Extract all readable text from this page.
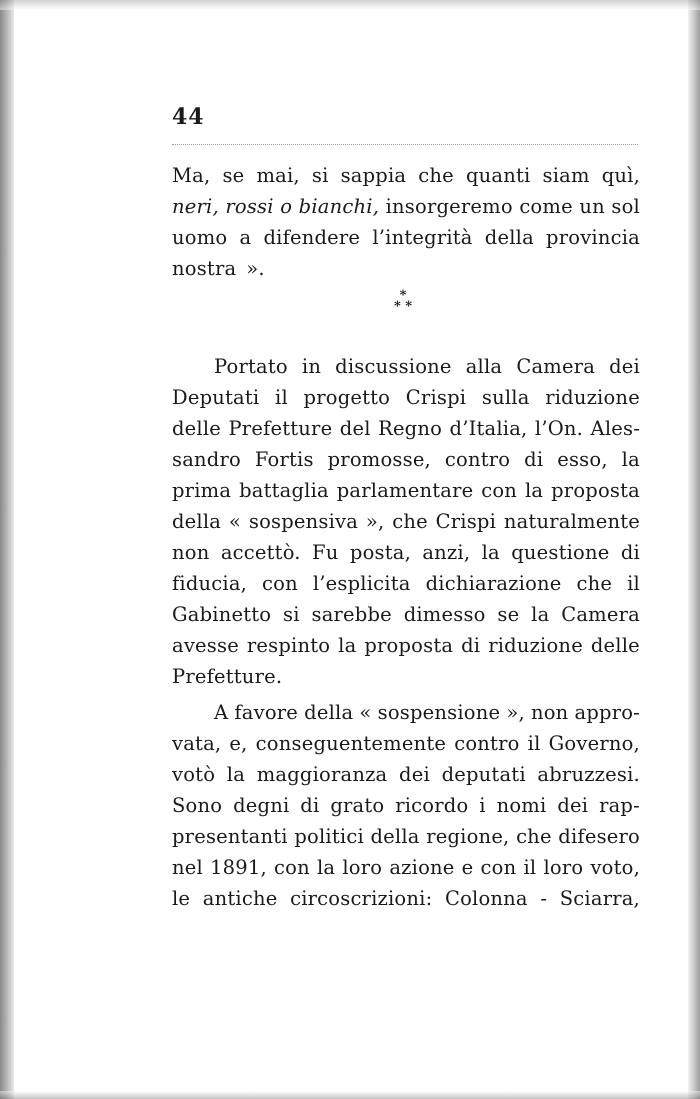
44
Ma, se mai, si sappia che quanti siam quì,
neri, rossi o bianchi, insorgeremo come un sol
uomo a difendere l’integrità della provincia
nostra ».
*
* *
Portato in discussione alla Camera dei
Deputati il progetto Crispi sulla riduzione
delle Prefetture del Regno d’Italia, l’On. Ales-
sandro Fortis promosse, contro di esso, la
prima battaglia parlamentare con la proposta
della « sospensiva », che Crispi naturalmente
non accettò. Fu posta, anzi, la questione di
fiducia, con l’esplicita dichiarazione che il
Gabinetto si sarebbe dimesso se la Camera
avesse respinto la proposta di riduzione delle
Prefetture.
A favore della « sospensione », non appro-
vata, e, conseguentemente contro il Governo,
votò la maggioranza dei deputati abruzzesi.
Sono degni di grato ricordo i nomi dei rap-
presentanti politici della regione, che difesero
nel 1891, con la loro azione e con il loro voto,
le antiche circoscrizioni: Colonna - Sciarra,
